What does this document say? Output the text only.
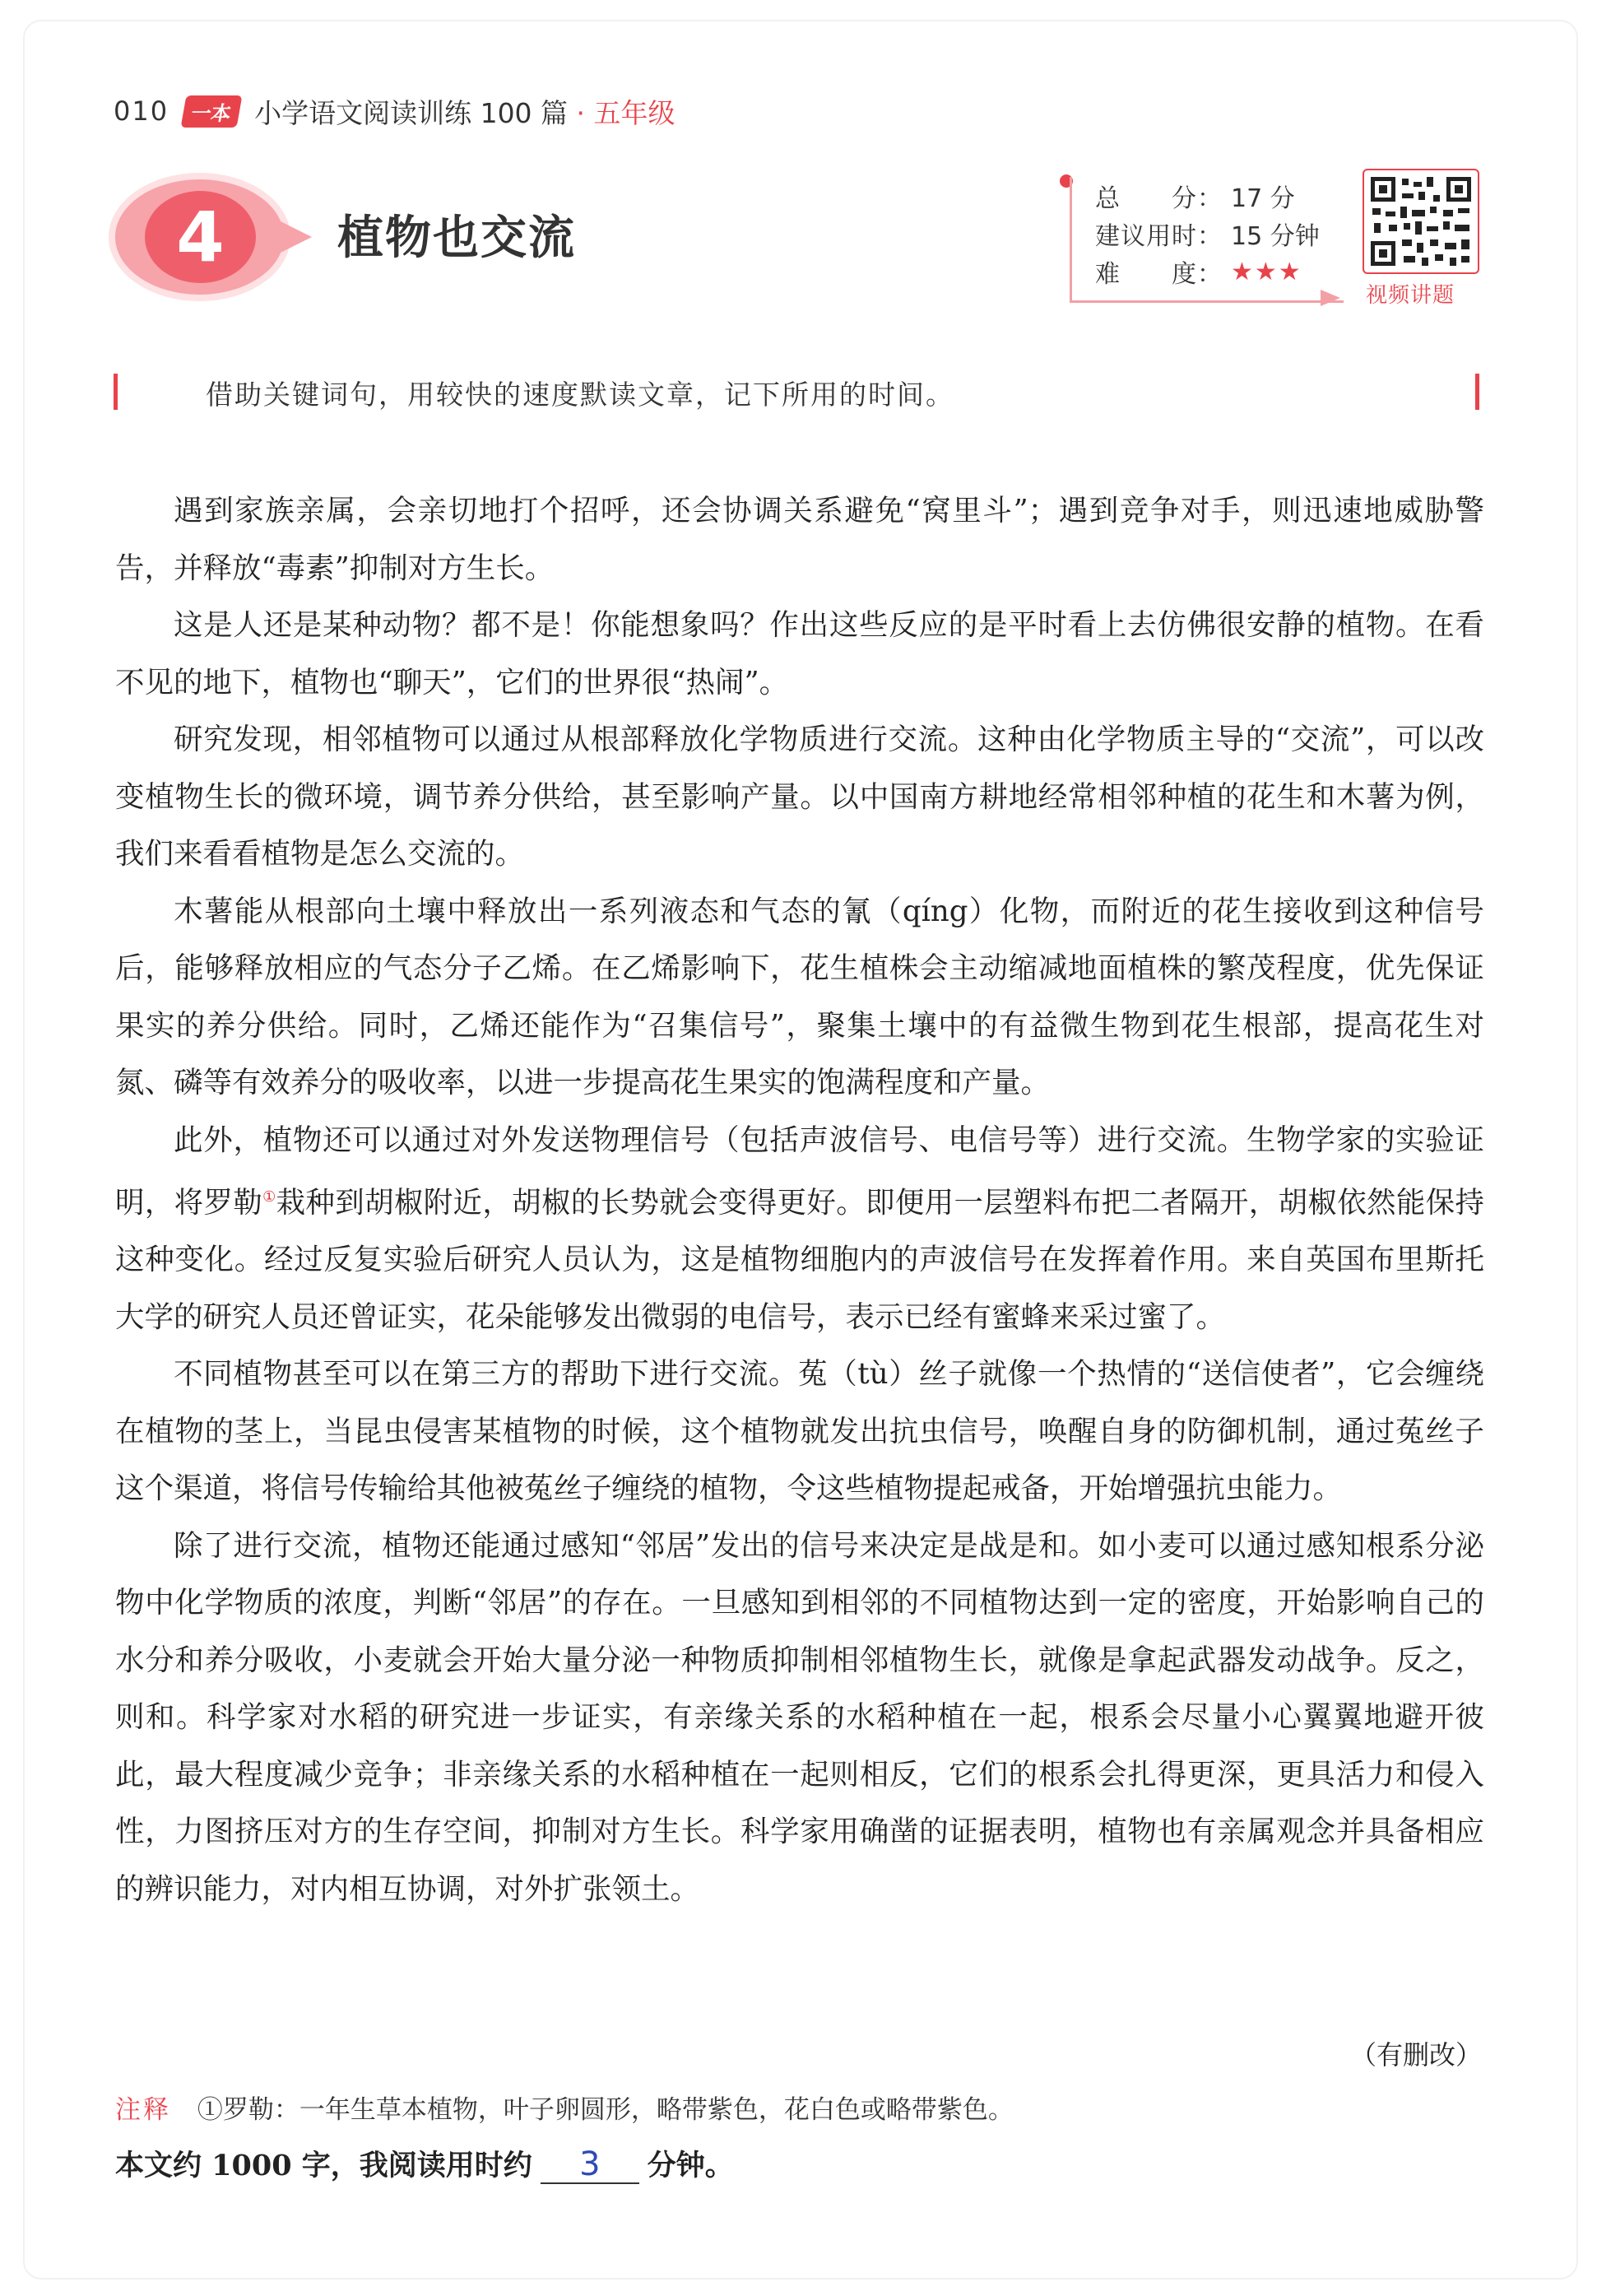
010	一本 小学语文阅读训练 100 篇 · 五年级
4 植物也交流
总　　分： 17 分
建议用时： 15 分钟
难　　度： ★★★
视频讲题
借助关键词句，用较快的速度默读文章，记下所用的时间。

遇到家族亲属，会亲切地打个招呼，还会协调关系避免“窝里斗”；遇到竞争对手，则迅速地威胁警告，并释放“毒素”抑制对方生长。

这是人还是某种动物？都不是！你能想象吗？作出这些反应的是平时看上去仿佛很安静的植物。在看不见的地下，植物也“聊天”，它们的世界很“热闹”。

研究发现，相邻植物可以通过从根部释放化学物质进行交流。这种由化学物质主导的“交流”，可以改变植物生长的微环境，调节养分供给，甚至影响产量。以中国南方耕地经常相邻种植的花生和木薯为例，我们来看看植物是怎么交流的。

木薯能从根部向土壤中释放出一系列液态和气态的氰（qíng）化物，而附近的花生接收到这种信号后，能够释放相应的气态分子乙烯。在乙烯影响下，花生植株会主动缩减地面植株的繁茂程度，优先保证果实的养分供给。同时，乙烯还能作为“召集信号”，聚集土壤中的有益微生物到花生根部，提高花生对氮、磷等有效养分的吸收率，以进一步提高花生果实的饱满程度和产量。

此外，植物还可以通过对外发送物理信号（包括声波信号、电信号等）进行交流。生物学家的实验证明，将罗勒①栽种到胡椒附近，胡椒的长势就会变得更好。即便用一层塑料布把二者隔开，胡椒依然能保持这种变化。经过反复实验后研究人员认为，这是植物细胞内的声波信号在发挥着作用。来自英国布里斯托大学的研究人员还曾证实，花朵能够发出微弱的电信号，表示已经有蜜蜂来采过蜜了。

不同植物甚至可以在第三方的帮助下进行交流。菟（tù）丝子就像一个热情的“送信使者”，它会缠绕在植物的茎上，当昆虫侵害某植物的时候，这个植物就发出抗虫信号，唤醒自身的防御机制，通过菟丝子这个渠道，将信号传输给其他被菟丝子缠绕的植物，令这些植物提起戒备，开始增强抗虫能力。

除了进行交流，植物还能通过感知“邻居”发出的信号来决定是战是和。如小麦可以通过感知根系分泌物中化学物质的浓度，判断“邻居”的存在。一旦感知到相邻的不同植物达到一定的密度，开始影响自己的水分和养分吸收，小麦就会开始大量分泌一种物质抑制相邻植物生长，就像是拿起武器发动战争。反之，则和。科学家对水稻的研究进一步证实，有亲缘关系的水稻种植在一起，根系会尽量小心翼翼地避开彼此，最大程度减少竞争；非亲缘关系的水稻种植在一起则相反，它们的根系会扎得更深，更具活力和侵入性，力图挤压对方的生存空间，抑制对方生长。科学家用确凿的证据表明，植物也有亲属观念并具备相应的辨识能力，对内相互协调，对外扩张领土。

（有删改）
注释 ①罗勒：一年生草本植物，叶子卵圆形，略带紫色，花白色或略带紫色。
本文约 1000 字，我阅读用时约	3	分钟。
